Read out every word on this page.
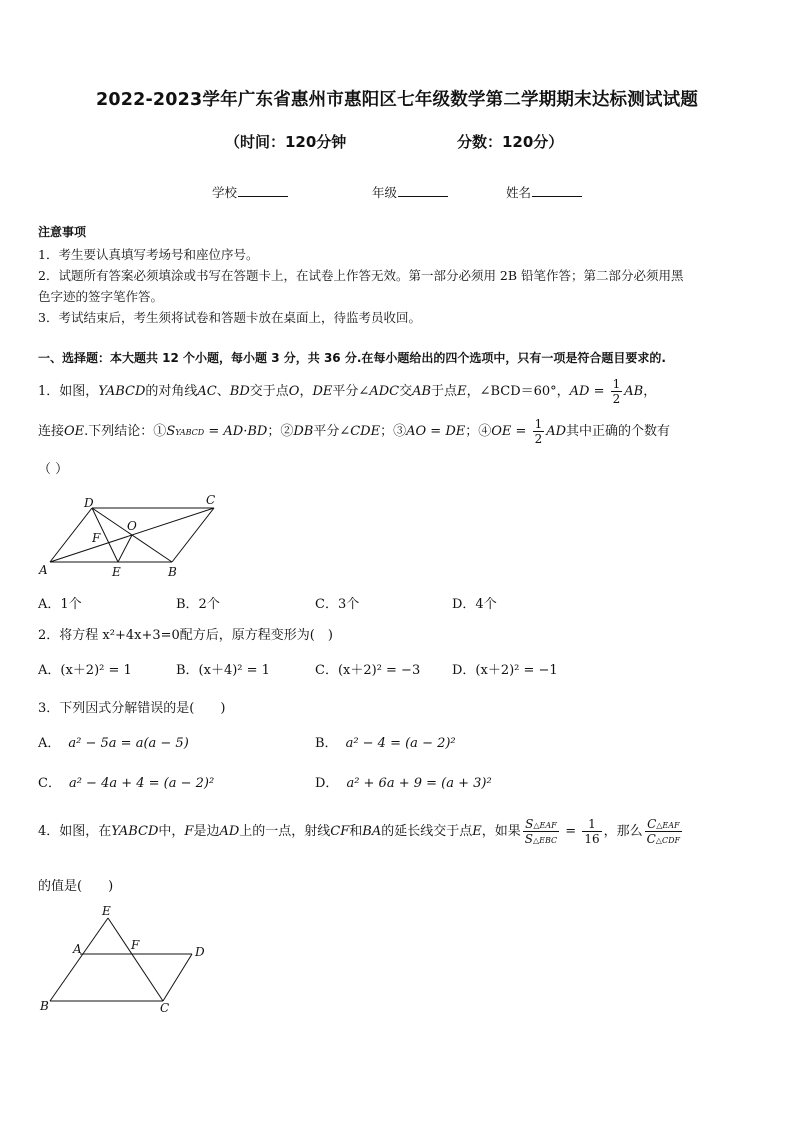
2022-2023学年广东省惠州市惠阳区七年级数学第二学期期末达标测试试题
（时间：120分钟	分数：120分）
学校	年级	姓名
注意事项
1．考生要认真填写考场号和座位序号。
2．试题所有答案必须填涂或书写在答题卡上，在试卷上作答无效。第一部分必须用 2B 铅笔作答；第二部分必须用黑
色字迹的签字笔作答。
3．考试结束后，考生须将试卷和答题卡放在桌面上，待监考员收回。
一、选择题：本大题共 12 个小题，每小题 3 分，共 36 分.在每小题给出的四个选项中，只有一项是符合题目要求的.
1．如图，YABCD的对角线AC、BD交于点O，DE平分∠ADC交AB于点E，∠BCD＝60°，AD = $\frac{1}{2}$ AB，
连接OE.下列结论：①SYABCD = AD·BD；②DB平分∠CDE；③AO = DE；④OE = $\frac{1}{2}$ AD其中正确的个数有
（ ）
A	B
C
D
E
F
O
A．1个	B．2个	C．3个	D．4个
2．将方程 x²+4x+3=0配方后，原方程变形为(　)
A．(x＋2)² = 1	B．(x＋4)² = 1	C．(x＋2)² = −3 D．(x＋2)² = −1
3．下列因式分解错误的是(　　)
A． a² − 5a = a(a − 5)	B． a² − 4 = (a − 2)²
C． a² − 4a + 4 = (a − 2)²	D． a² + 6a + 9 = (a + 3)²
4．如图，在YABCD中，F是边AD上的一点，射线CF和BA的延长线交于点E，如果 $\frac{\text{S△EAF}}{\text{S△EBC}} = \frac{1}{16}$ ，那么 $\frac{\text{C△EAF}}{\text{C△CDF}}$
的值是(　　)
E
A	F	D
B	C
